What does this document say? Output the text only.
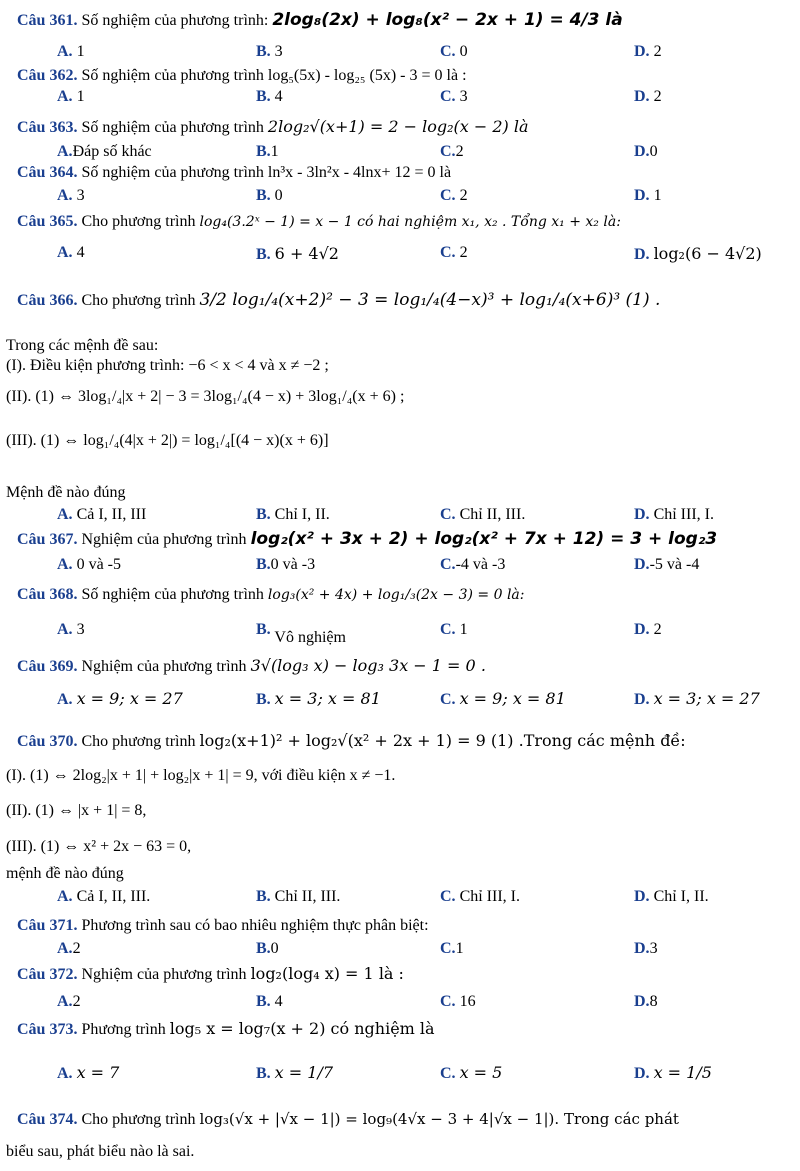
Câu 361. Số nghiệm của phương trình: 2log₈(2x) + log₈(x² − 2x + 1) = 4/3 là
A. 1	B. 3	C. 0	D. 2
Câu 362. Số nghiệm của phương trình log₅(5x) - log₂₅ (5x) - 3 = 0 là :
A. 1	B. 4	C. 3	D. 2
Câu 363. Số nghiệm của phương trình 2log₂√(x+1) = 2 − log₂(x − 2) là
A.Đáp số khác	B.1	C.2	D.0
Câu 364. Số nghiệm của phương trình ln³x - 3ln²x - 4lnx+ 12 = 0 là
A. 3	B. 0	C. 2	D. 1
Câu 365. Cho phương trình log₄(3.2ˣ − 1) = x − 1 có hai nghiệm x₁, x₂ . Tổng x₁ + x₂ là:
A. 4	B. 6 + 4√2	C. 2	D. log₂(6 − 4√2)
Câu 366. Cho phương trình 3/2 log₁/₄(x+2)² − 3 = log₁/₄(4−x)³ + log₁/₄(x+6)³ (1) .
Trong các mệnh đề sau:
(I). Điều kiện phương trình: −6 < x < 4 và x ≠ −2 ;
(II). (1) ⇔ 3log₁/₄|x + 2| − 3 = 3log₁/₄(4 − x) + 3log₁/₄(x + 6) ;
(III). (1) ⇔ log₁/₄(4|x + 2|) = log₁/₄[(4 − x)(x + 6)]
Mệnh đề nào đúng
A. Cả I, II, III	B. Chỉ I, II.	C. Chỉ II, III.	D. Chỉ III, I.
Câu 367. Nghiệm của phương trình log₂(x² + 3x + 2) + log₂(x² + 7x + 12) = 3 + log₂3
A. 0 và -5	B.0 và -3	C.-4 và -3	D.-5 và -4
Câu 368. Số nghiệm của phương trình log₃(x² + 4x) + log₁/₃(2x − 3) = 0 là:
A. 3	B. Vô nghiệm	C. 1	D. 2
Câu 369. Nghiệm của phương trình 3√(log₃ x) − log₃ 3x − 1 = 0 .
A. x = 9; x = 27	B. x = 3; x = 81	C. x = 9; x = 81	D. x = 3; x = 27
Câu 370. Cho phương trình log₂(x+1)² + log₂√(x² + 2x + 1) = 9 (1) .Trong các mệnh đề:
(I). (1) ⇔ 2log₂|x + 1| + log₂|x + 1| = 9, với điều kiện x ≠ −1.
(II). (1) ⇔ |x + 1| = 8,
(III). (1) ⇔ x² + 2x − 63 = 0,
mệnh đề nào đúng
A. Cả I, II, III.	B. Chỉ II, III.	C. Chỉ III, I.	D. Chỉ I, II.
Câu 371. Phương trình sau có bao nhiêu nghiệm thực phân biệt:
A.2	B.0	C.1	D.3
Câu 372. Nghiệm của phương trình log₂(log₄ x) = 1 là :
A.2	B. 4	C. 16	D.8
Câu 373. Phương trình log₅ x = log₇(x + 2) có nghiệm là
A. x = 7	B. x = 1/7	C. x = 5	D. x = 1/5
Câu 374. Cho phương trình log₃(√x + |√x − 1|) = log₉(4√x − 3 + 4|√x − 1|). Trong các phát
biểu sau, phát biểu nào là sai.
